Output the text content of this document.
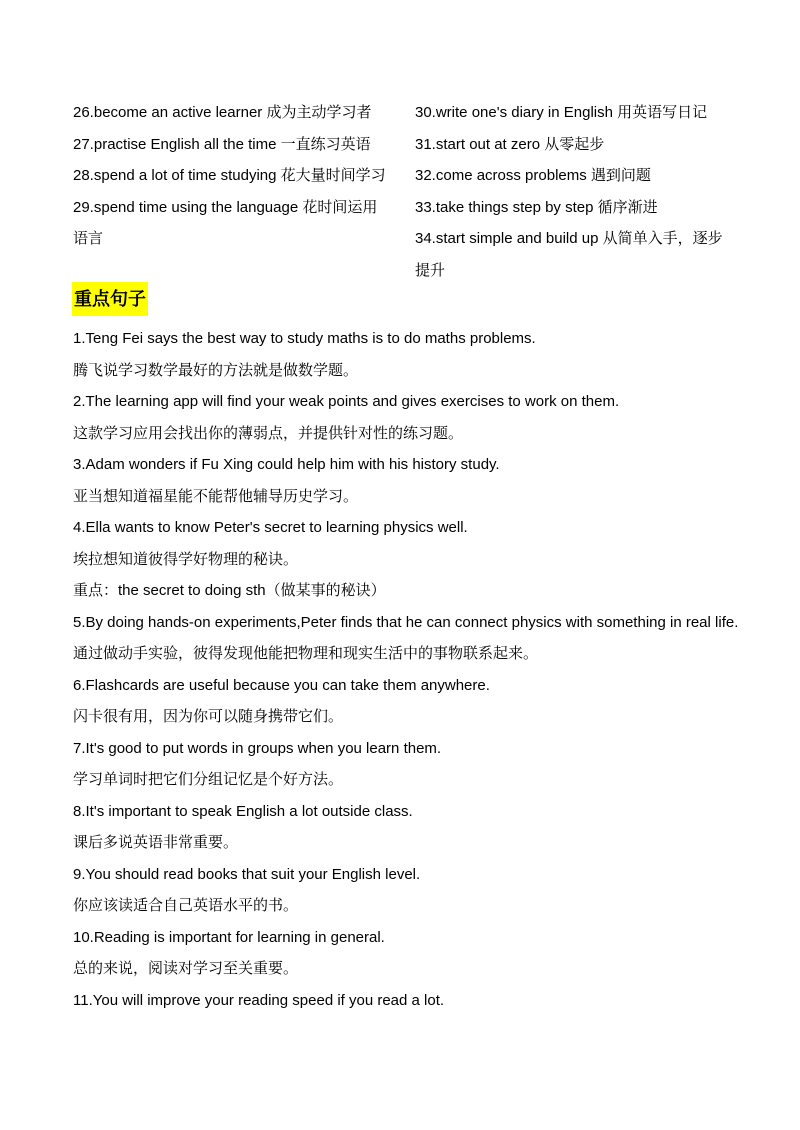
26.become an active learner 成为主动学习者

27.practise English all the time 一直练习英语

28.spend a lot of time studying 花大量时间学习

29.spend time using the language 花时间运用语言

30.write one's diary in English 用英语写日记

31.start out at zero 从零起步

32.come across problems 遇到问题

33.take things step by step 循序渐进

34.start simple and build up 从简单入手，逐步提升

重点句子

1.Teng Fei says the best way to study maths is to do maths problems.

腾飞说学习数学最好的方法就是做数学题。

2.The learning app will find your weak points and gives exercises to work on them.

这款学习应用会找出你的薄弱点，并提供针对性的练习题。

3.Adam wonders if Fu Xing could help him with his history study.

亚当想知道福星能不能帮他辅导历史学习。

4.Ella wants to know Peter's secret to learning physics well.

埃拉想知道彼得学好物理的秘诀。

重点：the secret to doing sth（做某事的秘诀）

5.By doing hands-on experiments,Peter finds that he can connect physics with something in real life.

通过做动手实验，彼得发现他能把物理和现实生活中的事物联系起来。

6.Flashcards are useful because you can take them anywhere.

闪卡很有用，因为你可以随身携带它们。

7.It's good to put words in groups when you learn them.

学习单词时把它们分组记忆是个好方法。

8.It's important to speak English a lot outside class.

课后多说英语非常重要。

9.You should read books that suit your English level.

你应该读适合自己英语水平的书。

10.Reading is important for learning in general.

总的来说，阅读对学习至关重要。

11.You will improve your reading speed if you read a lot.
